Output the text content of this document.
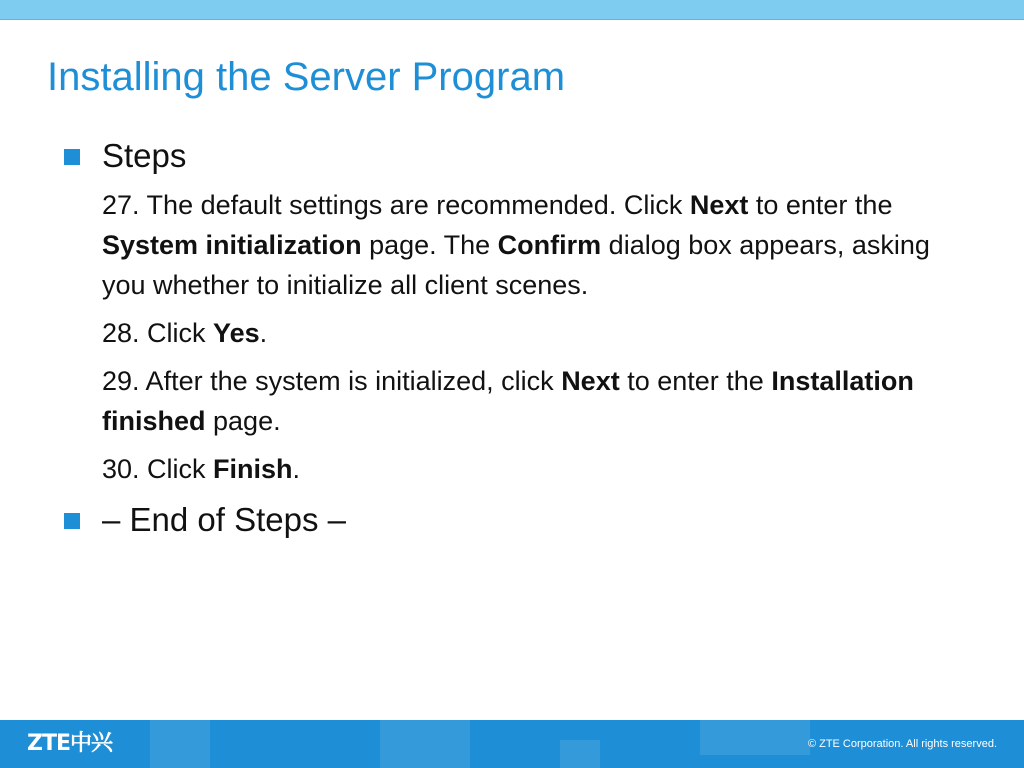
Installing the Server Program
Steps
27. The default settings are recommended. Click Next to enter the System initialization page. The Confirm dialog box appears, asking you whether to initialize all client scenes.
28. Click Yes.
29. After the system is initialized, click Next to enter the Installation finished page.
30. Click Finish.
– End of Steps –
ZTE中兴	© ZTE Corporation. All rights reserved.
